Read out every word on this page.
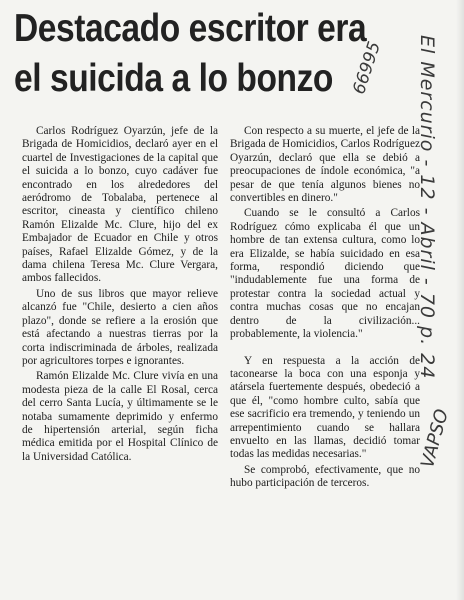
Destacado escritor era
el suicida a lo bonzo

Carlos Rodríguez Oyarzún, jefe de la Brigada de Homicidios, declaró ayer en el cuartel de Investigaciones de la capital que el suicida a lo bonzo, cuyo cadáver fue encontrado en los alrededores del aeródromo de Tobalaba, pertenece al escritor, cineasta y científico chileno Ramón Elizalde Mc. Clure, hijo del ex Embajador de Ecuador en Chile y otros países, Rafael Elizalde Gómez, y de la dama chilena Teresa Mc. Clure Vergara, ambos fallecidos.

Uno de sus libros que mayor relieve alcanzó fue "Chile, desierto a cien años plazo", donde se refiere a la erosión que está afectando a nuestras tierras por la corta indiscriminada de árboles, realizada por agricultores torpes e ignorantes.

Ramón Elizalde Mc. Clure vivía en una modesta pieza de la calle El Rosal, cerca del cerro Santa Lucía, y últimamente se le notaba sumamente deprimido y enfermo de hipertensión arterial, según ficha médica emitida por el Hospital Clínico de la Universidad Católica.

Con respecto a su muerte, el jefe de la Brigada de Homicidios, Carlos Rodríguez Oyarzún, declaró que ella se debió a preocupaciones de índole económica, "a pesar de que tenía algunos bienes no convertibles en dinero."

Cuando se le consultó a Carlos Rodríguez cómo explicaba él que un hombre de tan extensa cultura, como lo era Elizalde, se había suicidado en esa forma, respondió diciendo que "indudablemente fue una forma de protestar contra la sociedad actual y contra muchas cosas que no encajan dentro de la civilización... probablemente, la violencia."

Y en respuesta a la acción de taconearse la boca con una esponja y atársela fuertemente después, obedeció a que él, "como hombre culto, sabía que ese sacrificio era tremendo, y teniendo un arrepentimiento cuando se hallara envuelto en las llamas, decidió tomar todas las medidas necesarias."

Se comprobó, efectivamente, que no hubo participación de terceros.

El Mercurio - 12 - Abril - 70 p. 24
66995
VAPSO
